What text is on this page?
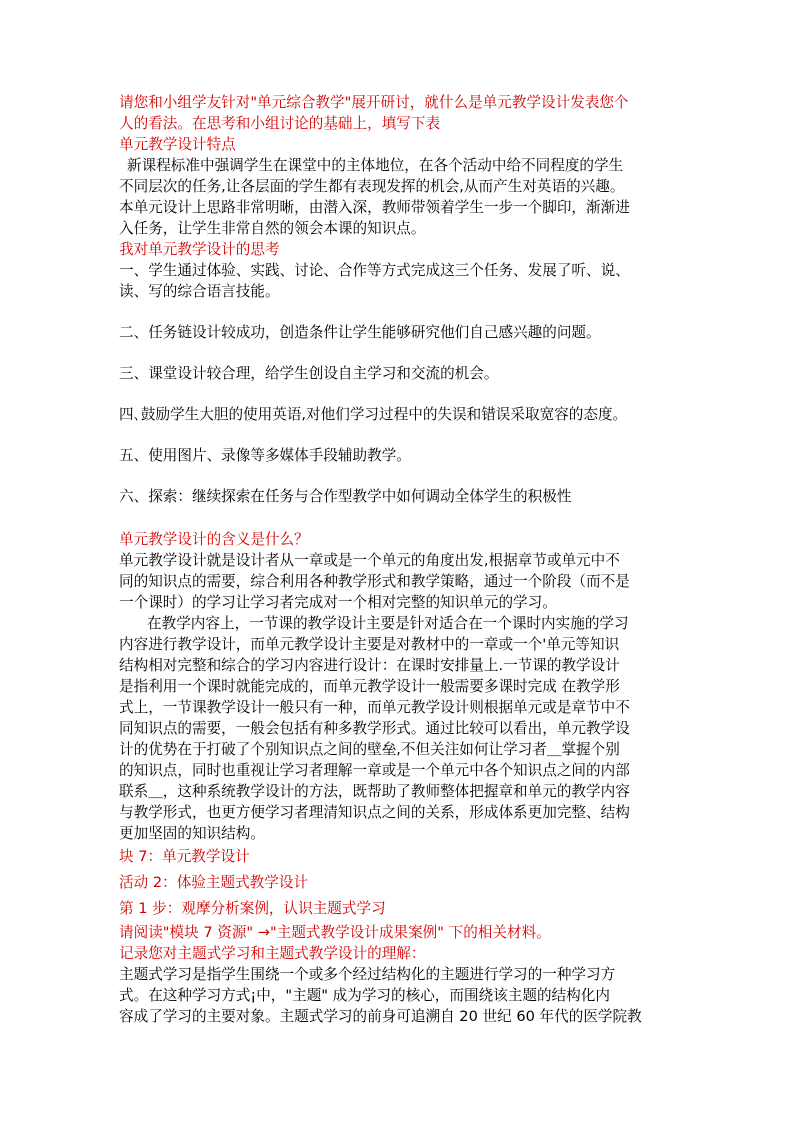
请您和小组学友针对"单元综合教学"展开研讨，就什么是单元教学设计发表您个
人的看法。在思考和小组讨论的基础上，填写下表
单元教学设计特点
新课程标准中强调学生在课堂中的主体地位，在各个活动中给不同程度的学生
不同层次的任务,让各层面的学生都有表现发挥的机会,从而产生对英语的兴趣。
本单元设计上思路非常明晰，由潜入深，教师带领着学生一步一个脚印，渐渐进
入任务，让学生非常自然的领会本课的知识点。
我对单元教学设计的思考
一、学生通过体验、实践、讨论、合作等方式完成这三个任务、发展了听、说、
读、写的综合语言技能。
二、任务链设计较成功，创造条件让学生能够研究他们自己感兴趣的问题。
三、课堂设计较合理，给学生创设自主学习和交流的机会。
四､鼓励学生大胆的使用英语,对他们学习过程中的失误和错误采取宽容的态度。
五、使用图片、录像等多媒体手段辅助教学。
六、探索：继续探索在任务与合作型教学中如何调动全体学生的积极性
单元教学设计的含义是什么？
单元教学设计就是设计者从一章或是一个单元的角度出发,根据章节或单元中不
同的知识点的需要，综合利用各种教学形式和教学策略，通过一个阶段（而不是
一个课时）的学习让学习者完成对一个相对完整的知识单元的学习。
在教学内容上，一节课的教学设计主要是针对适合在一个课时内实施的学习
内容进行教学设计，而单元教学设计主要是对教材中的一章或一个'单元等知识
结构相对完整和综合的学习内容进行设计：在课时安排量上.一节课的教学设计
是指利用一个课时就能完成的，而单元教学设计一般需要多课时完成 在教学形
式上，一节课教学设计一般只有一种，而单元教学设计则根据单元或是章节中不
同知识点的需要，一般会包括有种多教学形式。通过比较可以看出，单元教学设
计的优势在于打破了个别知识点之间的壁垒,不但关注如何让学习者＿掌握个别
的知识点，同时也重视让学习者理解一章或是一个单元中各个知识点之间的内部
联系＿，这种系统教学设计的方法，既帮助了教师整体把握章和单元的教学内容
与教学形式，也更方便学习者理清知识点之间的关系，形成体系更加完整、结构
更加坚固的知识结构。
块 7：单元教学设计
活动 2：体验主题式教学设计
第 1 步：观摩分析案例，认识主题式学习
请阅读"模块 7 资源" →"主题式教学设计成果案例" 下的相关材料。
记录您对主题式学习和主题式教学设计的理解：
主题式学习是指学生围绕一个或多个经过结构化的主题进行学习的一种学习方
式。在这种学习方式¡中，"主题" 成为学习的核心，而围绕该主题的结构化内
容成了学习的主要对象。主题式学习的前身可追溯自 20 世纪 60 年代的医学院教
